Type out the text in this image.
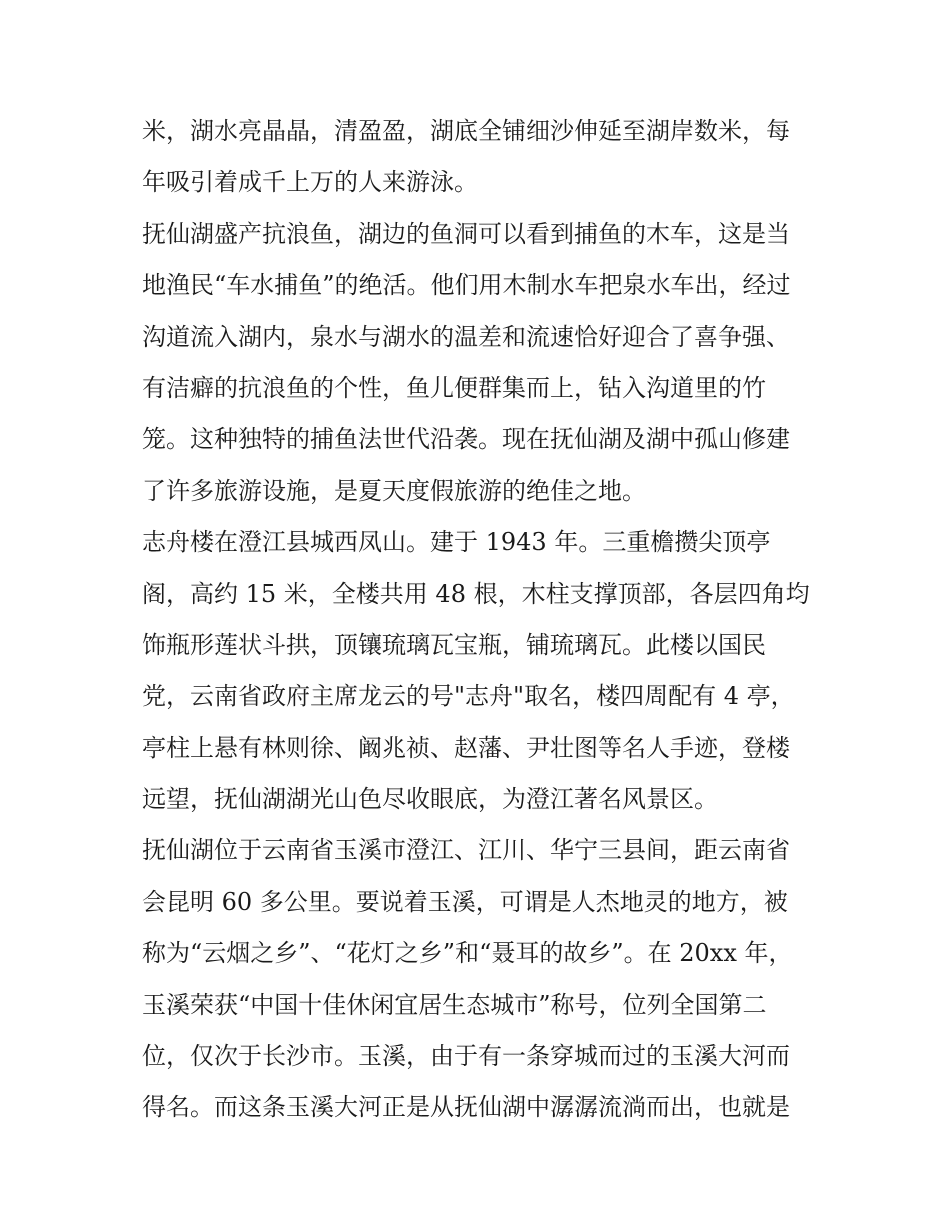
米，湖水亮晶晶，清盈盈，湖底全铺细沙伸延至湖岸数米，每
年吸引着成千上万的人来游泳。
抚仙湖盛产抗浪鱼，湖边的鱼洞可以看到捕鱼的木车，这是当
地渔民“车水捕鱼”的绝活。他们用木制水车把泉水车出，经过
沟道流入湖内，泉水与湖水的温差和流速恰好迎合了喜争强、
有洁癖的抗浪鱼的个性，鱼儿便群集而上，钻入沟道里的竹
笼。这种独特的捕鱼法世代沿袭。现在抚仙湖及湖中孤山修建
了许多旅游设施，是夏天度假旅游的绝佳之地。
志舟楼在澄江县城西凤山。建于 1943 年。三重檐攒尖顶亭
阁，高约 15 米，全楼共用 48 根，木柱支撑顶部，各层四角均
饰瓶形莲状斗拱，顶镶琉璃瓦宝瓶，铺琉璃瓦。此楼以国民
党，云南省政府主席龙云的号"志舟"取名，楼四周配有 4 亭，
亭柱上悬有林则徐、阚兆祯、赵藩、尹壮图等名人手迹，登楼
远望，抚仙湖湖光山色尽收眼底，为澄江著名风景区。
抚仙湖位于云南省玉溪市澄江、江川、华宁三县间，距云南省
会昆明 60 多公里。要说着玉溪，可谓是人杰地灵的地方，被
称为“云烟之乡”、“花灯之乡”和“聂耳的故乡”。在 20xx 年，
玉溪荣获“中国十佳休闲宜居生态城市”称号，位列全国第二
位，仅次于长沙市。玉溪，由于有一条穿城而过的玉溪大河而
得名。而这条玉溪大河正是从抚仙湖中潺潺流淌而出，也就是
